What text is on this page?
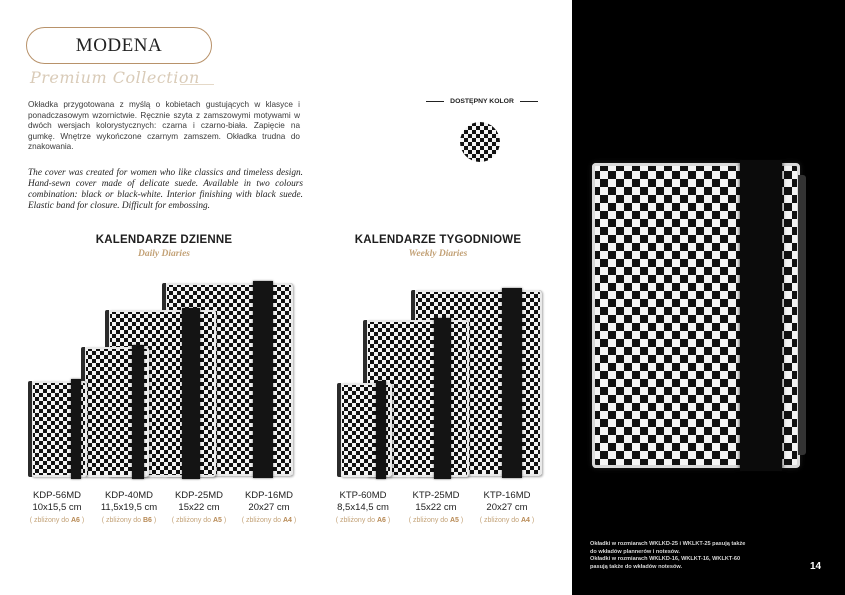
MODENA
Premium Collection

Okładka przygotowana z myślą o kobietach gustujących w klasyce i ponadczasowym wzornictwie. Ręcznie szyta z zamszowymi motywami w dwóch wersjach kolorystycznych: czarna i czarno-biała. Zapięcie na gumkę. Wnętrze wykończone czarnym zamszem. Okładka trudna do znakowania.

The cover was created for women who like classics and timeless design. Hand-sewn cover made of delicate suede. Available in two colours combination: black or black-white. Interior finishing with black suede. Elastic band for closure. Difficult for embossing.

DOSTĘPNY KOLOR
KALENDARZE DZIENNE
Daily Diaries
KDP-56MD
10x15,5 cm
( zbliżony do A6 )
KDP-40MD
11,5x19,5 cm
( zbliżony do B6 )
KDP-25MD
15x22 cm
( zbliżony do A5 )
KDP-16MD
20x27 cm
( zbliżony do A4 )
KALENDARZE TYGODNIOWE
Weekly Diaries
KTP-60MD
8,5x14,5 cm
( zbliżony do A6 )
KTP-25MD
15x22 cm
( zbliżony do A5 )
KTP-16MD
20x27 cm
( zbliżony do A4 )
Okładki w rozmiarach WKLKD-25 i WKLKT-25 pasują także
do wkładów plannerów i notesów.
Okładki w rozmiarach WKLKD-16, WKLKT-16, WKLKT-60
pasują także do wkładów notesów.	14
